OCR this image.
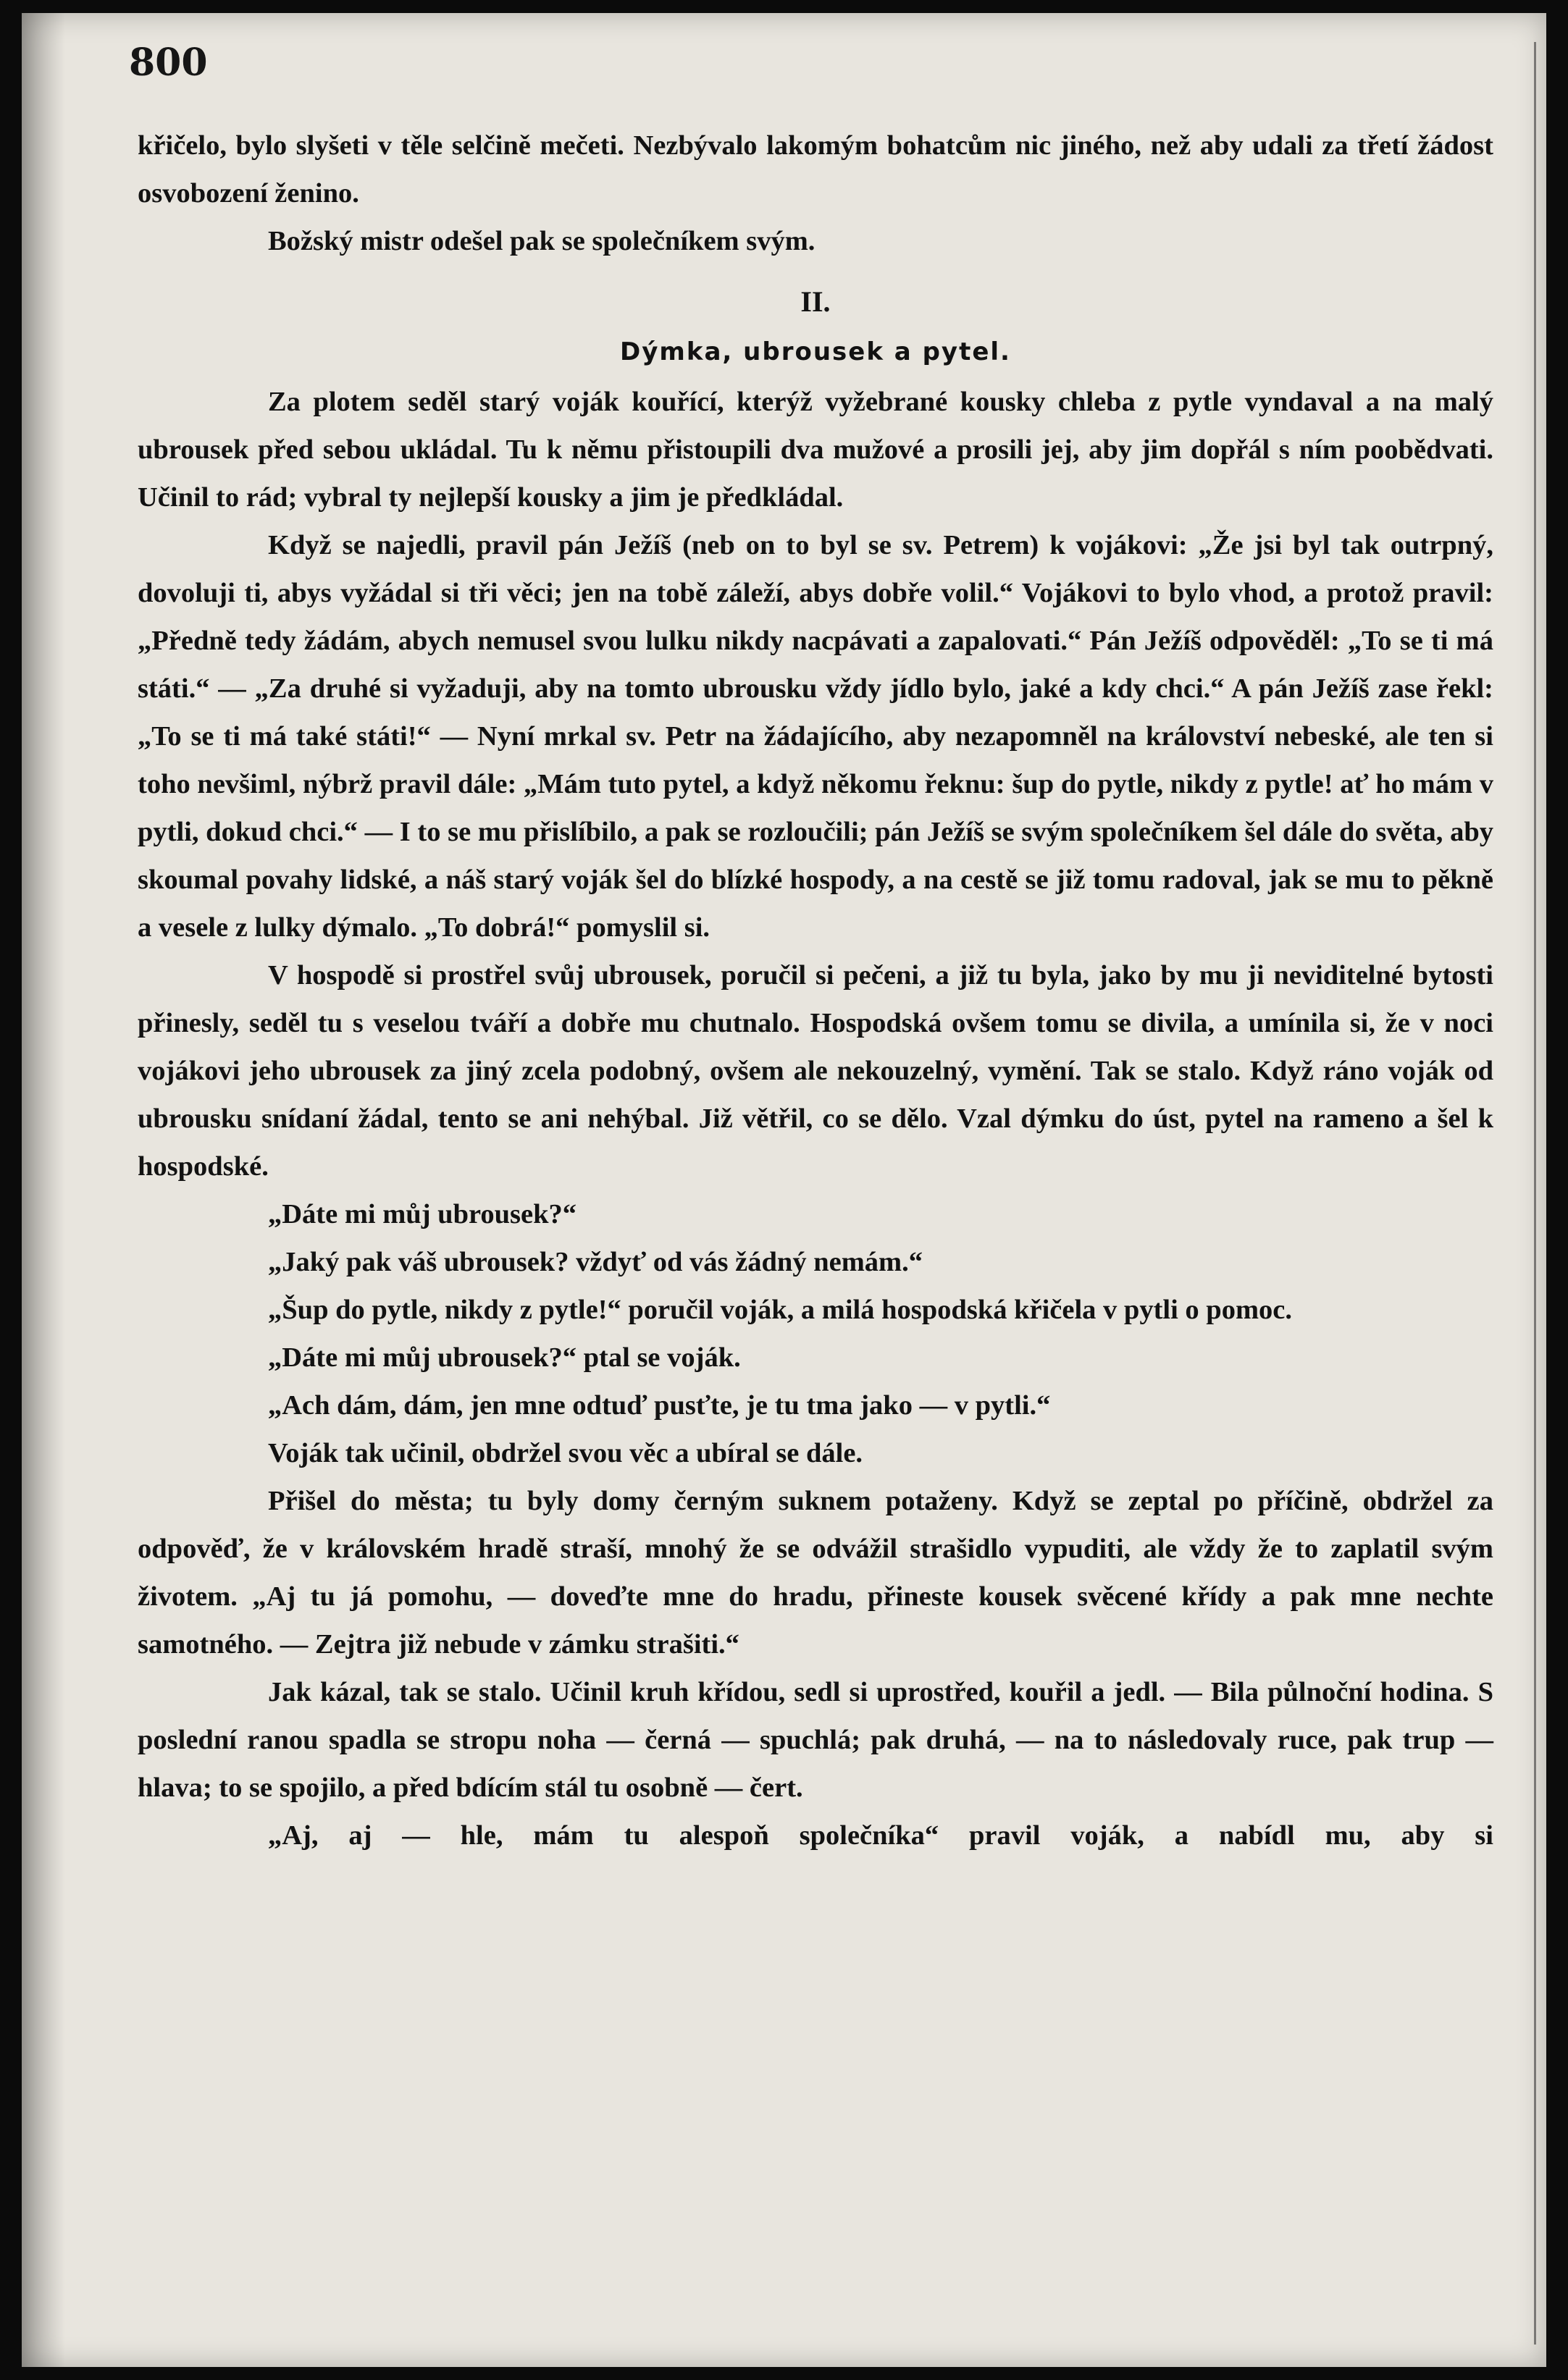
800

křičelo, bylo slyšeti v těle selčině mečeti. Nezbývalo lakomým bohatcům nic jiného, než aby udali za třetí žádost osvobození ženino.

Božský mistr odešel pak se společníkem svým.

II.
Dýmka, ubrousek a pytel.

Za plotem seděl starý voják kouřící, kterýž vyžebrané kousky chleba z pytle vyndaval a na malý ubrousek před sebou ukládal. Tu k němu přistoupili dva mužové a prosili jej, aby jim dopřál s ním poobědvati. Učinil to rád; vybral ty nejlepší kousky a jim je předkládal.

Když se najedli, pravil pán Ježíš (neb on to byl se sv. Petrem) k vojákovi: „Že jsi byl tak outrpný, dovoluji ti, abys vyžádal si tři věci; jen na tobě záleží, abys dobře volil.“ Vojákovi to bylo vhod, a protož pravil: „Předně tedy žádám, abych nemusel svou lulku nikdy nacpávati a zapalovati.“ Pán Ježíš odpověděl: „To se ti má státi.“ — „Za druhé si vyžaduji, aby na tomto ubrousku vždy jídlo bylo, jaké a kdy chci.“ A pán Ježíš zase řekl: „To se ti má také státi!“ — Nyní mrkal sv. Petr na žádajícího, aby nezapomněl na království nebeské, ale ten si toho nevšiml, nýbrž pravil dále: „Mám tuto pytel, a když někomu řeknu: šup do pytle, nikdy z pytle! ať ho mám v pytli, dokud chci.“ — I to se mu přislíbilo, a pak se rozloučili; pán Ježíš se svým společníkem šel dále do světa, aby skoumal povahy lidské, a náš starý voják šel do blízké hospody, a na cestě se již tomu radoval, jak se mu to pěkně a vesele z lulky dýmalo. „To dobrá!“ pomyslil si.

V hospodě si prostřel svůj ubrousek, poručil si pečeni, a již tu byla, jako by mu ji neviditelné bytosti přinesly, seděl tu s veselou tváří a dobře mu chutnalo. Hospodská ovšem tomu se divila, a umínila si, že v noci vojákovi jeho ubrousek za jiný zcela podobný, ovšem ale nekouzelný, vymění. Tak se stalo. Když ráno voják od ubrousku snídaní žádal, tento se ani nehýbal. Již větřil, co se dělo. Vzal dýmku do úst, pytel na rameno a šel k hospodské.

„Dáte mi můj ubrousek?“

„Jaký pak váš ubrousek? vždyť od vás žádný nemám.“

„Šup do pytle, nikdy z pytle!“ poručil voják, a milá hospodská křičela v pytli o pomoc.

„Dáte mi můj ubrousek?“ ptal se voják.

„Ach dám, dám, jen mne odtuď pusťte, je tu tma jako — v pytli.“

Voják tak učinil, obdržel svou věc a ubíral se dále.

Přišel do města; tu byly domy černým suknem potaženy. Když se zeptal po příčině, obdržel za odpověď, že v královském hradě straší, mnohý že se odvážil strašidlo vypuditi, ale vždy že to zaplatil svým životem. „Aj tu já pomohu, — doveďte mne do hradu, přineste kousek svěcené křídy a pak mne nechte samotného. — Zejtra již nebude v zámku strašiti.“

Jak kázal, tak se stalo. Učinil kruh křídou, sedl si uprostřed, kouřil a jedl. — Bila půlnoční hodina. S poslední ranou spadla se stropu noha — černá — spuchlá; pak druhá, — na to následovaly ruce, pak trup — hlava; to se spojilo, a před bdícím stál tu osobně — čert.

„Aj, aj — hle, mám tu alespoň společníka“ pravil voják, a nabídl mu, aby si
